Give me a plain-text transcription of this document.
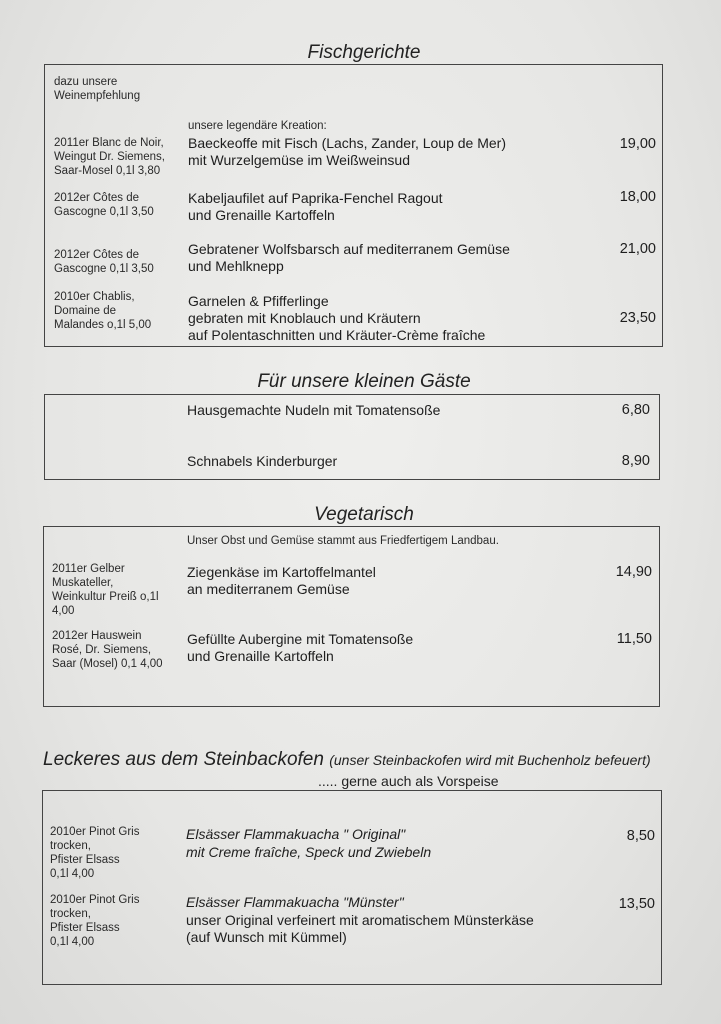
Fischgerichte
dazu unsere
Weinempfehlung
2011er Blanc de Noir,
Weingut Dr. Siemens,
Saar-Mosel 0,1l 3,80
unsere legendäre Kreation:
Baeckeoffe mit Fisch (Lachs, Zander, Loup de Mer)
mit Wurzelgemüse im Weißweinsud
19,00
2012er Côtes de
Gascogne 0,1l 3,50
Kabeljaufilet auf Paprika-Fenchel Ragout
und Grenaille Kartoffeln
18,00
2012er Côtes de
Gascogne 0,1l 3,50
Gebratener Wolfsbarsch auf mediterranem Gemüse
und Mehlknepp
21,00
2010er Chablis,
Domaine de
Malandes o,1l 5,00
Garnelen & Pfifferlinge
gebraten mit Knoblauch und Kräutern
auf Polentaschnitten und Kräuter-Crème fraîche
23,50
Für unsere kleinen Gäste
Hausgemachte Nudeln mit Tomatensoße	6,80
Schnabels Kinderburger	8,90
Vegetarisch
Unser Obst und Gemüse stammt aus Friedfertigem Landbau.
2011er Gelber
Muskateller,
Weinkultur Preiß o,1l
4,00
Ziegenkäse im Kartoffelmantel
an mediterranem Gemüse
14,90
2012er Hauswein
Rosé, Dr. Siemens,
Saar (Mosel) 0,1 4,00
Gefüllte Aubergine mit Tomatensoße
und Grenaille Kartoffeln
11,50
Leckeres aus dem Steinbackofen (unser Steinbackofen wird mit Buchenholz befeuert)
..... gerne auch als Vorspeise
2010er Pinot Gris
trocken,
Pfister Elsass
0,1l 4,00
Elsässer Flammakuacha " Original"
mit Creme fraîche, Speck und Zwiebeln
8,50
2010er Pinot Gris
trocken,
Pfister Elsass
0,1l 4,00
Elsässer Flammakuacha "Münster"
unser Original verfeinert mit aromatischem Münsterkäse
(auf Wunsch mit Kümmel)
13,50
